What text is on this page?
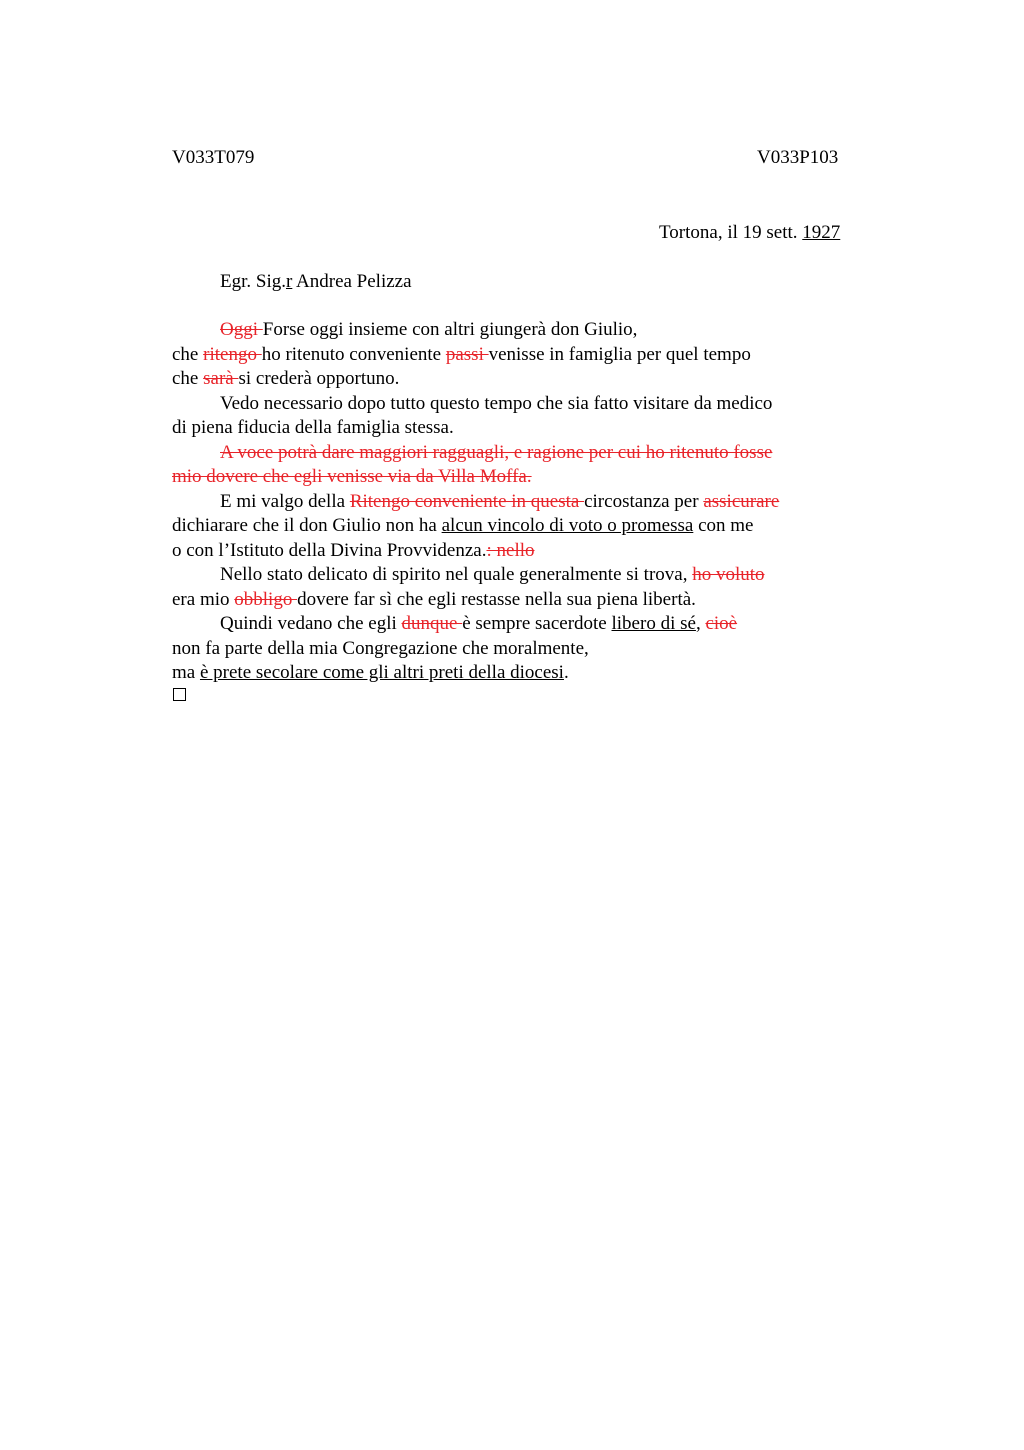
V033T079	V033P103
Tortona, il 19 sett. 1927
Egr. Sig.r Andrea Pelizza
Oggi Forse oggi insieme con altri giungerà don Giulio,
che ritengo ho ritenuto conveniente passi venisse in famiglia per quel tempo
che sarà si crederà opportuno.
Vedo necessario dopo tutto questo tempo che sia fatto visitare da medico
di piena fiducia della famiglia stessa.
A voce potrà dare maggiori ragguagli, e ragione per cui ho ritenuto fosse
mio dovere che egli venisse via da Villa Moffa.
E mi valgo della Ritengo conveniente in questa circostanza per assicurare
dichiarare che il don Giulio non ha alcun vincolo di voto o promessa con me
o con l’Istituto della Divina Provvidenza.: nello
Nello stato delicato di spirito nel quale generalmente si trova, ho voluto
era mio obbligo dovere far sì che egli restasse nella sua piena libertà.
Quindi vedano che egli dunque è sempre sacerdote libero di sé, cioè
non fa parte della mia Congregazione che moralmente,
ma è prete secolare come gli altri preti della diocesi.
